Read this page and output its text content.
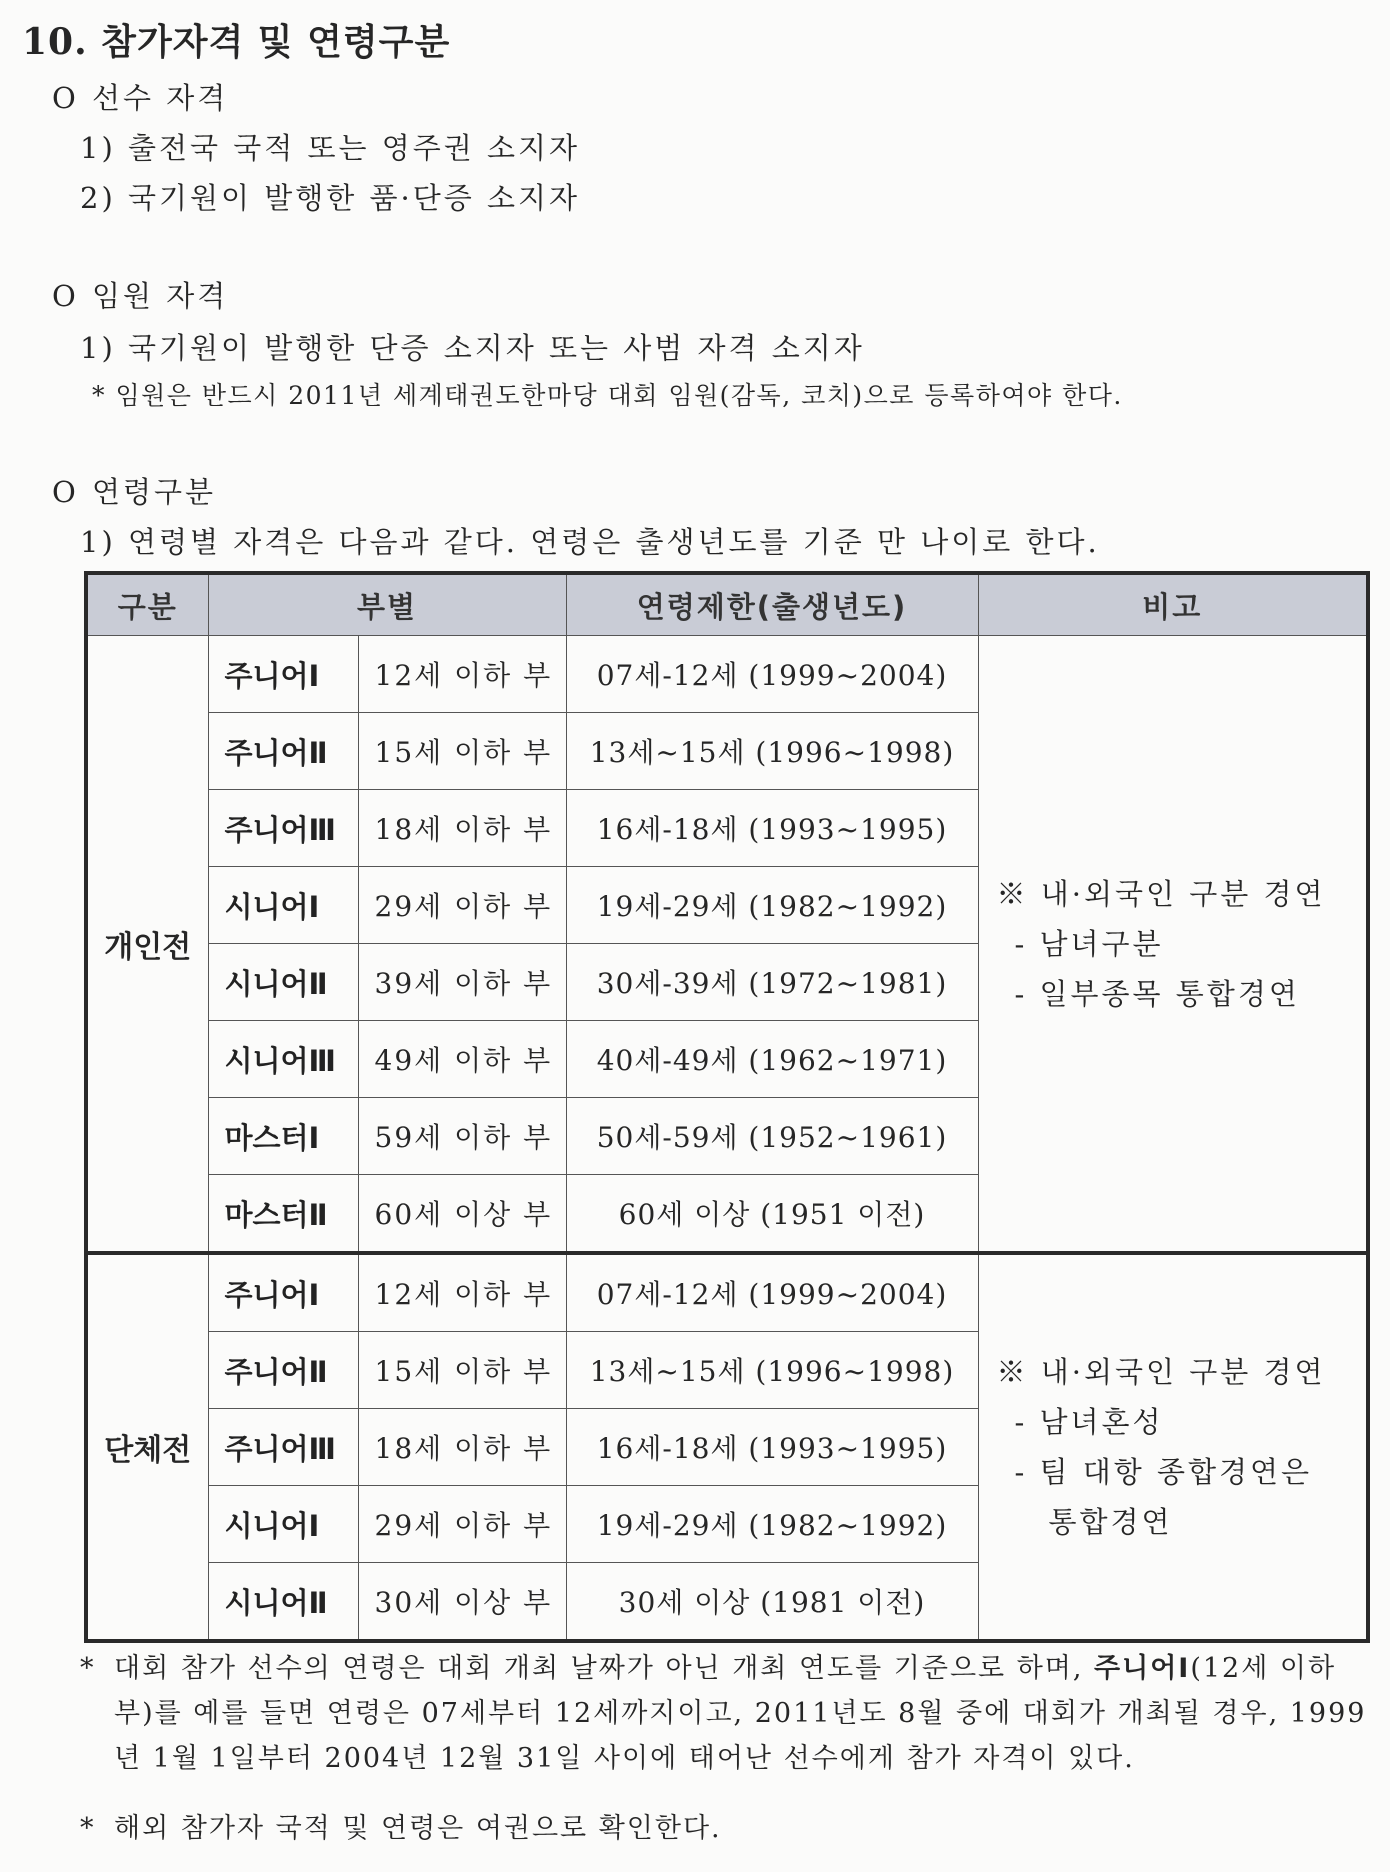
10. 참가자격 및 연령구분
O 선수 자격
1) 출전국 국적 또는 영주권 소지자
2) 국기원이 발행한 품·단증 소지자
O 임원 자격
1) 국기원이 발행한 단증 소지자 또는 사범 자격 소지자
* 임원은 반드시 2011년 세계태권도한마당 대회 임원(감독, 코치)으로 등록하여야 한다.
O 연령구분
1) 연령별 자격은 다음과 같다. 연령은 출생년도를 기준 만 나이로 한다.
구분	부별		연령제한(출생년도)	비고
개인전	주니어Ⅰ	12세 이하 부	07세-12세 (1999~2004)	※ 내·외국인 구분 경연
- 남녀구분
- 일부종목 통합경연

	주니어Ⅱ	15세 이하 부	13세~15세 (1996~1998)	
	주니어Ⅲ	18세 이하 부	16세-18세 (1993~1995)	
	시니어Ⅰ	29세 이하 부	19세-29세 (1982~1992)	
	시니어Ⅱ	39세 이하 부	30세-39세 (1972~1981)	
	시니어Ⅲ	49세 이하 부	40세-49세 (1962~1971)	
	마스터Ⅰ	59세 이하 부	50세-59세 (1952~1961)	
	마스터Ⅱ	60세 이상 부	60세 이상 (1951 이전)	
단체전	주니어Ⅰ	12세 이하 부	07세-12세 (1999~2004)	※ 내·외국인 구분 경연
- 남녀혼성
- 팀 대항 종합경연은
통합경연

	주니어Ⅱ	15세 이하 부	13세~15세 (1996~1998)	
	주니어Ⅲ	18세 이하 부	16세-18세 (1993~1995)	
	시니어Ⅰ	29세 이하 부	19세-29세 (1982~1992)	
	시니어Ⅱ	30세 이상 부	30세 이상 (1981 이전)	
* 대회 참가 선수의 연령은 대회 개최 날짜가 아닌 개최 연도를 기준으로 하며, 주니어Ⅰ(12세 이하 부)를 예를 들면 연령은 07세부터 12세까지이고, 2011년도 8월 중에 대회가 개최될 경우, 1999년 1월 1일부터 2004년 12월 31일 사이에 태어난 선수에게 참가 자격이 있다.
* 해외 참가자 국적 및 연령은 여권으로 확인한다.
